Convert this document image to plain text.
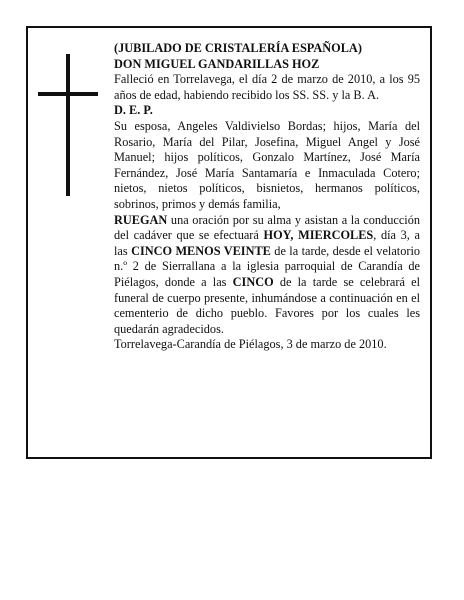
(JUBILADO DE CRISTALERÍA ESPAÑOLA)

DON MIGUEL GANDARILLAS HOZ

Falleció en Torrelavega, el día 2 de marzo de 2010, a los 95 años de edad, habiendo recibido los SS. SS. y la B. A.

D. E. P.

Su esposa, Angeles Valdivielso Bordas; hijos, María del Rosario, María del Pilar, Josefina, Miguel Angel y José Manuel; hijos políticos, Gonzalo Martínez, José María Fernández, José María Santamaría e Inmaculada Cotero; nietos, nietos políticos, bisnietos, hermanos políticos, sobrinos, primos y demás familia,

RUEGAN una oración por su alma y asistan a la conducción del cadáver que se efectuará HOY, MIERCOLES, día 3, a las CINCO MENOS VEINTE de la tarde, desde el velatorio n.º 2 de Sierrallana a la iglesia parroquial de Carandía de Piélagos, donde a las CINCO de la tarde se celebrará el funeral de cuerpo presente, inhumándose a continuación en el cementerio de dicho pueblo. Favores por los cuales les quedarán agradecidos.

Torrelavega-Carandía de Piélagos, 3 de marzo de 2010.
